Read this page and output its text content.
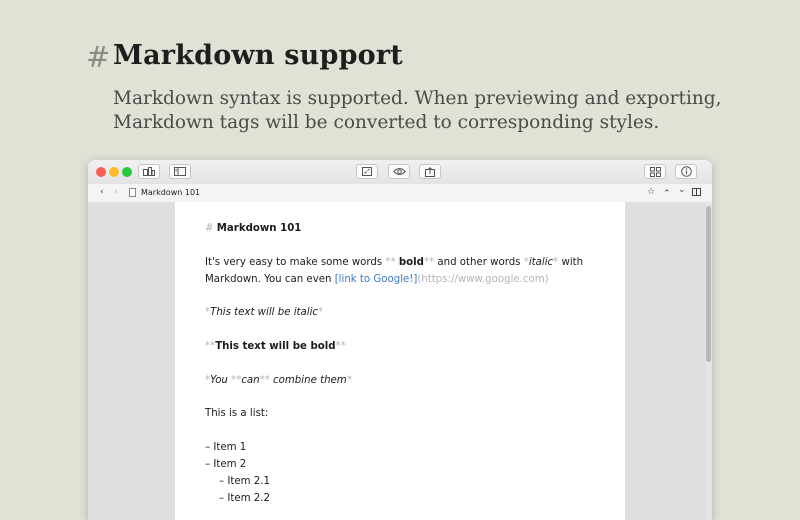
# Markdown support
Markdown syntax is supported. When previewing and exporting,
Markdown tags will be converted to corresponding styles.
‹ ›	Markdown 101	☆ ⌃ ⌄
# Markdown 101
It's very easy to make some words ** bold** and other words *italic* with
Markdown. You can even [link to Google!](https://www.google.com)
*This text will be italic*
**This text will be bold**
*You **can** combine them*
This is a list:
– Item 1
– Item 2
– Item 2.1
– Item 2.2
